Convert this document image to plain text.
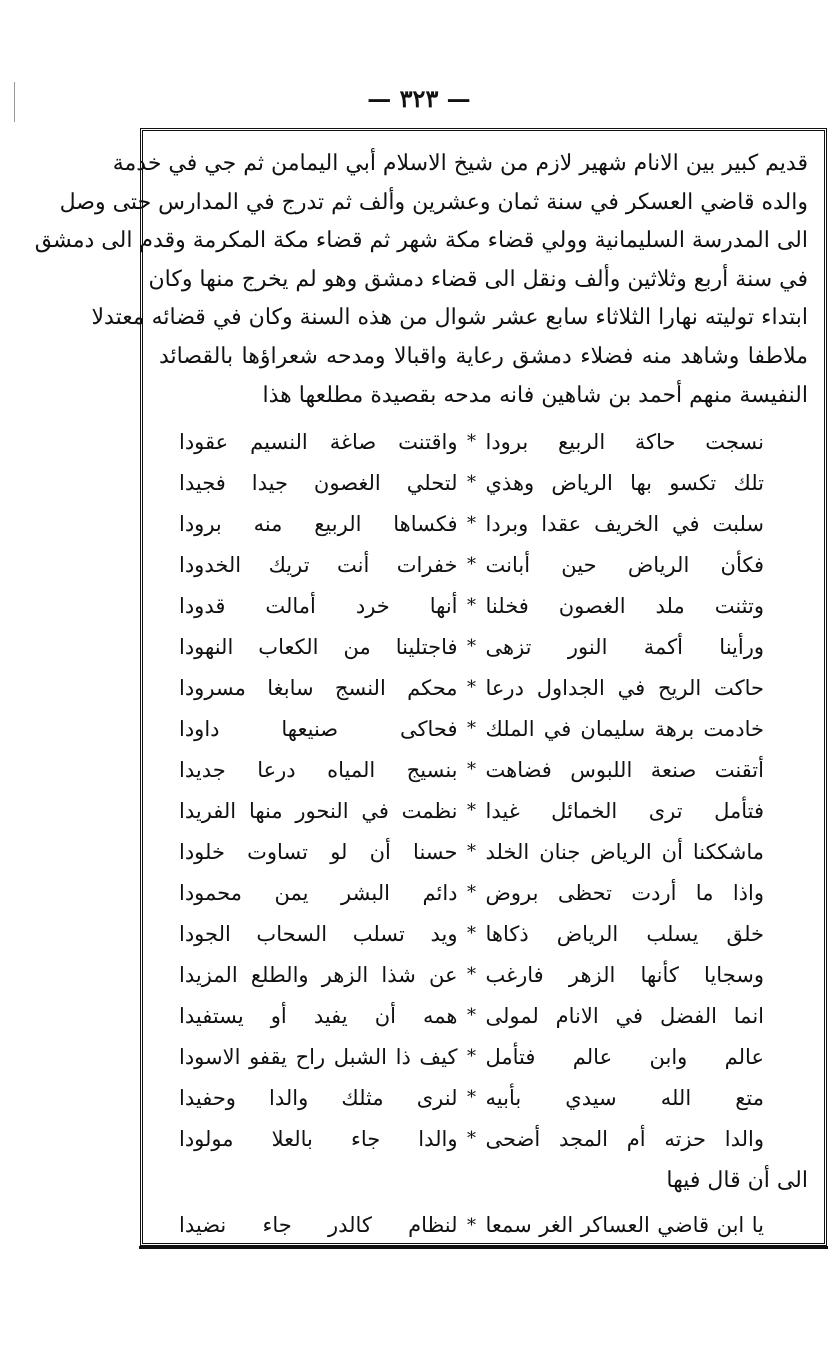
— ٣٢٣ —
قديم كبير بين الانام شهير لازم من شيخ الاسلام أبي اليمامن ثم جي في خدمة
والده قاضي العسكر في سنة ثمان وعشرين وألف ثم تدرج في المدارس حتى وصل
الى المدرسة السليمانية وولي قضاء مكة شهر ثم قضاء مكة المكرمة وقدم الى دمشق
في سنة أربع وثلاثين وألف ونقل الى قضاء دمشق وهو لم يخرج منها وكان
ابتداء توليته نهارا الثلاثاء سابع عشر شوال من هذه السنة وكان في قضائه معتدلا
ملاطفا وشاهد منه فضلاء دمشق رعاية واقبالا ومدحه شعراؤها بالقصائد
النفيسة منهم أحمد بن شاهين فانه مدحه بقصيدة مطلعها هذا
نسجت حاكة الربيع برودا
*
واقتنت صاغة النسيم عقودا
تلك تكسو بها الرياض وهذي
*
لتحلي الغصون جيدا فجيدا
سلبت في الخريف عقدا وبردا
*
فكساها الربيع منه برودا
فكأن الرياض حين أبانت
*
خفرات أنت تريك الخدودا
وتثنت ملد الغصون فخلنا
*
أنها خرد أمالت قدودا
ورأينا أكمة النور تزهى
*
فاجتلينا من الكعاب النهودا
حاكت الريح في الجداول درعا
*
محكم النسج سابغا مسرودا
خادمت برهة سليمان في الملك
*
فحاكى صنيعها داودا
أتقنت صنعة اللبوس فضاهت
*
بنسيج المياه درعا جديدا
فتأمل ترى الخمائل غيدا
*
نظمت في النحور منها الفريدا
ماشككنا أن الرياض جنان الخلد
*
حسنا أن لو تساوت خلودا
واذا ما أردت تحظى بروض
*
دائم البشر يمن محمودا
خلق يسلب الرياض ذكاها
*
ويد تسلب السحاب الجودا
وسجايا كأنها الزهر فارغب
*
عن شذا الزهر والطلع المزيدا
انما الفضل في الانام لمولى
*
همه أن يفيد أو يستفيدا
عالم وابن عالم فتأمل
*
كيف ذا الشبل راح يقفو الاسودا
متع الله سيدي بأبيه
*
لنرى مثلك والدا وحفيدا
والدا حزته أم المجد أضحى
*
والدا جاء بالعلا مولودا
الى أن قال فيها
يا ابن قاضي العساكر الغر سمعا
*
لنظام كالدر جاء نضيدا
